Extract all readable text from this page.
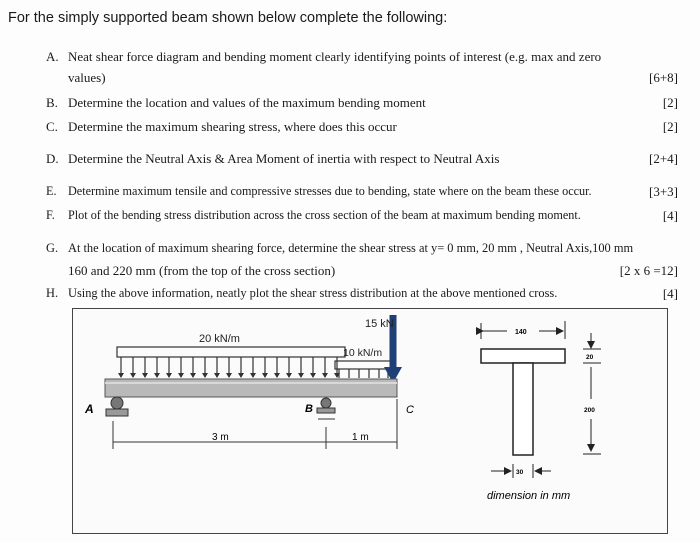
For the simply supported beam shown below complete the following:
A. Neat shear force diagram and bending moment clearly identifying points of interest (e.g. max and zero
values)	[6+8]
B. Determine the location and values of the maximum bending moment	[2]
C. Determine the maximum shearing stress, where does this occur	[2]
D. Determine the Neutral Axis & Area Moment of inertia with respect to Neutral Axis	[2+4]
E. Determine maximum tensile and compressive stresses due to bending, state where on the beam these occur.	[3+3]
F. Plot of the bending stress distribution across the cross section of the beam at maximum bending moment.	[4]
G. At the location of maximum shearing force, determine the shear stress at y= 0 mm, 20 mm , Neutral Axis,100 mm
160 and 220 mm (from the top of the cross section)	[2 x 6 =12]
H. Using the above information, neatly plot the shear stress distribution at the above mentioned cross.	[4]
20 kN/m
10 kN/m
15 kN
A	B	C
3 m	1 m
140
20
200
30
dimension in mm
